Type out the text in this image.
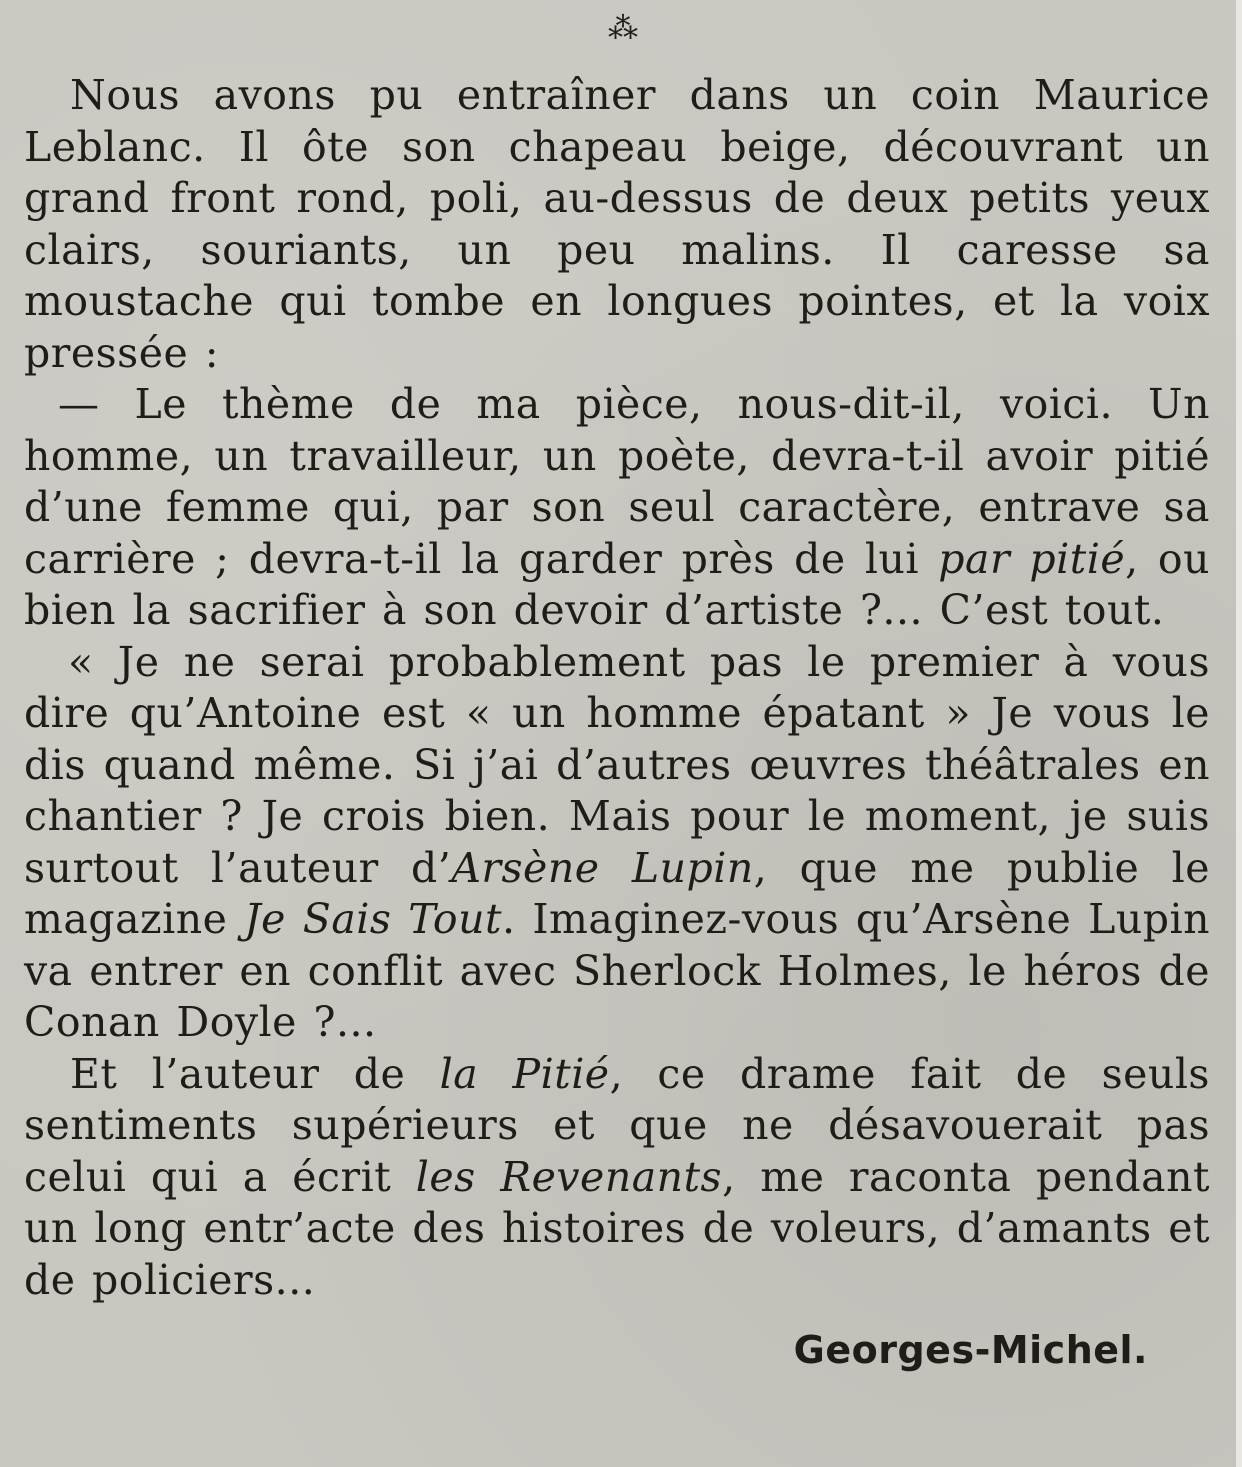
⁂

Nous avons pu entraîner dans un coin Maurice Leblanc. Il ôte son chapeau beige, découvrant un grand front rond, poli, au-dessus de deux petits yeux clairs, souriants, un peu malins. Il caresse sa moustache qui tombe en longues pointes, et la voix pressée :

— Le thème de ma pièce, nous-dit-il, voici. Un homme, un travailleur, un poète, devra-t-il avoir pitié d’une femme qui, par son seul caractère, entrave sa carrière ; devra-t-il la garder près de lui par pitié, ou bien la sacrifier à son devoir d’artiste ?... C’est tout.

« Je ne serai probablement pas le premier à vous dire qu’Antoine est « un homme épatant » Je vous le dis quand même. Si j’ai d’autres œuvres théâtrales en chantier ? Je crois bien. Mais pour le moment, je suis surtout l’auteur d’Arsène Lupin, que me publie le magazine Je Sais Tout. Imaginez-vous qu’Arsène Lupin va entrer en conflit avec Sherlock Holmes, le héros de Conan Doyle ?...

Et l’auteur de la Pitié, ce drame fait de seuls sentiments supérieurs et que ne désavouerait pas celui qui a écrit les Revenants, me raconta pendant un long entr’acte des histoires de voleurs, d’amants et de policiers...

Georges-Michel.
